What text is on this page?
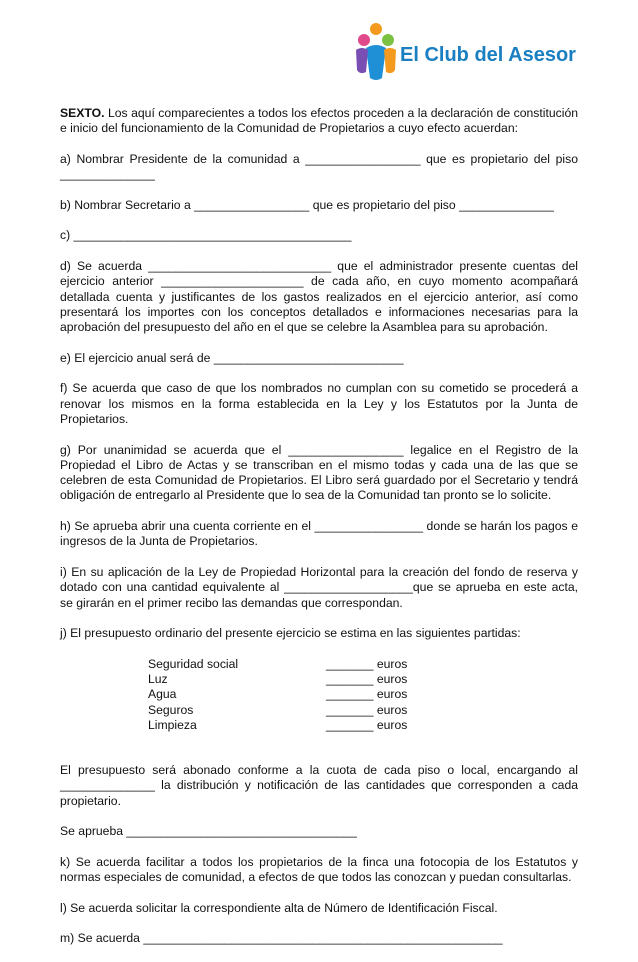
El Club del Asesor

SEXTO. Los aquí comparecientes a todos los efectos proceden a la declaración de constitución e inicio del funcionamiento de la Comunidad de Propietarios a cuyo efecto acuerdan:

a) Nombrar Presidente de la comunidad a _________________ que es propietario del piso ______________

b) Nombrar Secretario a _________________ que es propietario del piso ______________

c) _________________________________________

d) Se acuerda ___________________________ que el administrador presente cuentas del ejercicio anterior _____________________ de cada año, en cuyo momento acompañará detallada cuenta y justificantes de los gastos realizados en el ejercicio anterior, así como presentará los importes con los conceptos detallados e informaciones necesarias para la aprobación del presupuesto del año en el que se celebre la Asamblea para su aprobación.

e) El ejercicio anual será de ____________________________

f) Se acuerda que caso de que los nombrados no cumplan con su cometido se procederá a renovar los mismos en la forma establecida en la Ley y los Estatutos por la Junta de Propietarios.

g) Por unanimidad se acuerda que el _________________ legalice en el Registro de la Propiedad el Libro de Actas y se transcriban en el mismo todas y cada una de las que se celebren de esta Comunidad de Propietarios. El Libro será guardado por el Secretario y tendrá obligación de entregarlo al Presidente que lo sea de la Comunidad tan pronto se lo solicite.

h) Se aprueba abrir una cuenta corriente en el ________________ donde se harán los pagos e ingresos de la Junta de Propietarios.

i) En su aplicación de la Ley de Propiedad Horizontal para la creación del fondo de reserva y dotado con una cantidad equivalente al ___________________que se aprueba en este acta, se girarán en el primer recibo las demandas que correspondan.

j) El presupuesto ordinario del presente ejercicio se estima en las siguientes partidas:

Seguridad social	_______ euros
Luz	_______ euros
Agua	_______ euros
Seguros	_______ euros
Limpieza	_______ euros

El presupuesto será abonado conforme a la cuota de cada piso o local, encargando al ______________ la distribución y notificación de las cantidades que corresponden a cada propietario.

Se aprueba __________________________________

k) Se acuerda facilitar a todos los propietarios de la finca una fotocopia de los Estatutos y normas especiales de comunidad, a efectos de que todos las conozcan y puedan consultarlas.

l) Se acuerda solicitar la correspondiente alta de Número de Identificación Fiscal.

m) Se acuerda _____________________________________________________
